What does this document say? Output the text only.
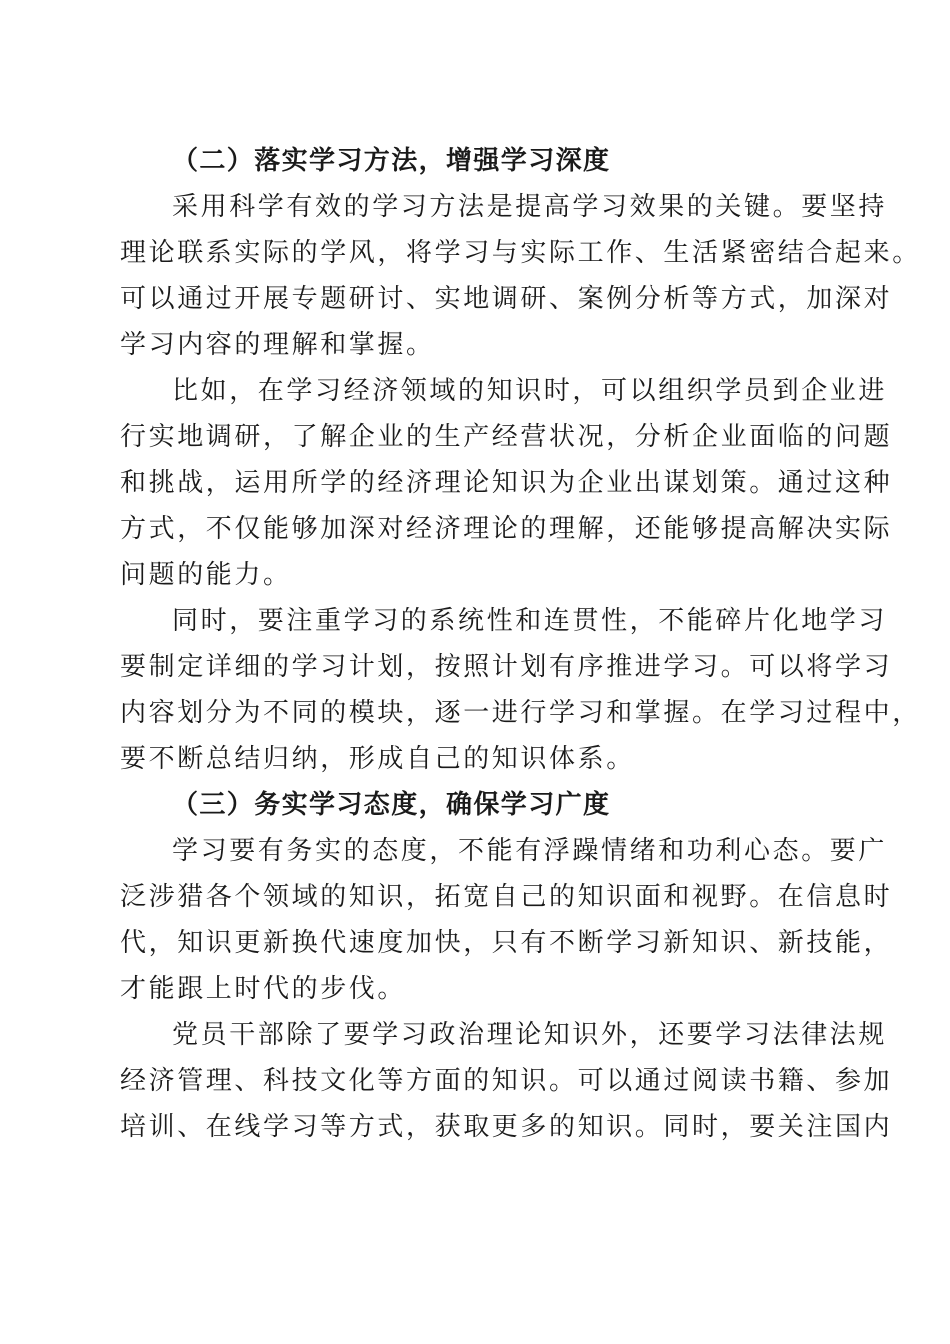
（二）落实学习方法，增强学习深度
采用科学有效的学习方法是提高学习效果的关键。要坚持
理论联系实际的学风，将学习与实际工作、生活紧密结合起来。
可以通过开展专题研讨、实地调研、案例分析等方式，加深对
学习内容的理解和掌握。
比如，在学习经济领域的知识时，可以组织学员到企业进
行实地调研，了解企业的生产经营状况，分析企业面临的问题
和挑战，运用所学的经济理论知识为企业出谋划策。通过这种
方式，不仅能够加深对经济理论的理解，还能够提高解决实际
问题的能力。
同时，要注重学习的系统性和连贯性，不能碎片化地学习
要制定详细的学习计划，按照计划有序推进学习。可以将学习
内容划分为不同的模块，逐一进行学习和掌握。在学习过程中，
要不断总结归纳，形成自己的知识体系。
（三）务实学习态度，确保学习广度
学习要有务实的态度，不能有浮躁情绪和功利心态。要广
泛涉猎各个领域的知识，拓宽自己的知识面和视野。在信息时
代，知识更新换代速度加快，只有不断学习新知识、新技能，
才能跟上时代的步伐。
党员干部除了要学习政治理论知识外，还要学习法律法规
经济管理、科技文化等方面的知识。可以通过阅读书籍、参加
培训、在线学习等方式，获取更多的知识。同时，要关注国内
